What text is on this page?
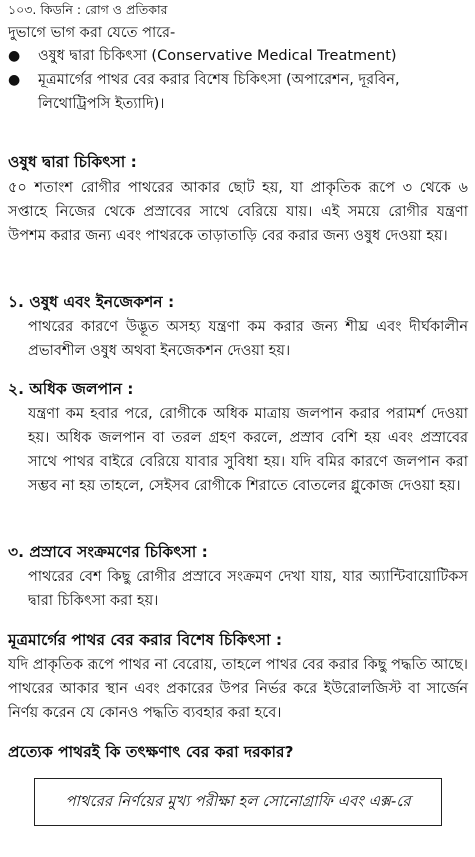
১০৩. কিডনি : রোগ ও প্রতিকার
দুভাগে ভাগ করা যেতে পারে-
● ওষুধ দ্বারা চিকিৎসা (Conservative Medical Treatment)
● মূত্রমার্গের পাথর বের করার বিশেষ চিকিৎসা (অপারেশন, দূরবিন, লিথোট্রিপসি ইত্যাদি)।
ওষুধ দ্বারা চিকিৎসা :
৫০ শতাংশ রোগীর পাথরের আকার ছোট হয়, যা প্রাকৃতিক রূপে ৩ থেকে ৬ সপ্তাহে নিজের থেকে প্রস্রাবের সাথে বেরিয়ে যায়। এই সময়ে রোগীর যন্ত্রণা উপশম করার জন্য এবং পাথরকে তাড়াতাড়ি বের করার জন্য ওষুধ দেওয়া হয়।
১. ওষুধ এবং ইনজেকশন :
পাথরের কারণে উদ্ভূত অসহ্য যন্ত্রণা কম করার জন্য শীঘ্র এবং দীর্ঘকালীন প্রভাবশীল ওষুধ অথবা ইনজেকশন দেওয়া হয়।
২. অধিক জলপান :
যন্ত্রণা কম হবার পরে, রোগীকে অধিক মাত্রায় জলপান করার পরামর্শ দেওয়া হয়। অধিক জলপান বা তরল গ্রহণ করলে, প্রস্রাব বেশি হয় এবং প্রস্রাবের সাথে পাথর বাইরে বেরিয়ে যাবার সুবিধা হয়। যদি বমির কারণে জলপান করা সম্ভব না হয় তাহলে, সেইসব রোগীকে শিরাতে বোতলের গ্লুকোজ দেওয়া হয়।
৩. প্রস্রাবে সংক্রমণের চিকিৎসা :
পাথরের বেশ কিছু রোগীর প্রস্রাবে সংক্রমণ দেখা যায়, যার অ্যান্টিবায়োটিকস দ্বারা চিকিৎসা করা হয়।
মূত্রমার্গের পাথর বের করার বিশেষ চিকিৎসা :
যদি প্রাকৃতিক রূপে পাথর না বেরোয়, তাহলে পাথর বের করার কিছু পদ্ধতি আছে। পাথরের আকার স্থান এবং প্রকারের উপর নির্ভর করে ইউরোলজিস্ট বা সার্জেন নির্ণয় করেন যে কোনও পদ্ধতি ব্যবহার করা হবে।
প্রত্যেক পাথরই কি তৎক্ষণাৎ বের করা দরকার?
পাথরের নির্ণয়ের মুখ্য পরীক্ষা হল সোনোগ্রাফি এবং এক্স-রে
